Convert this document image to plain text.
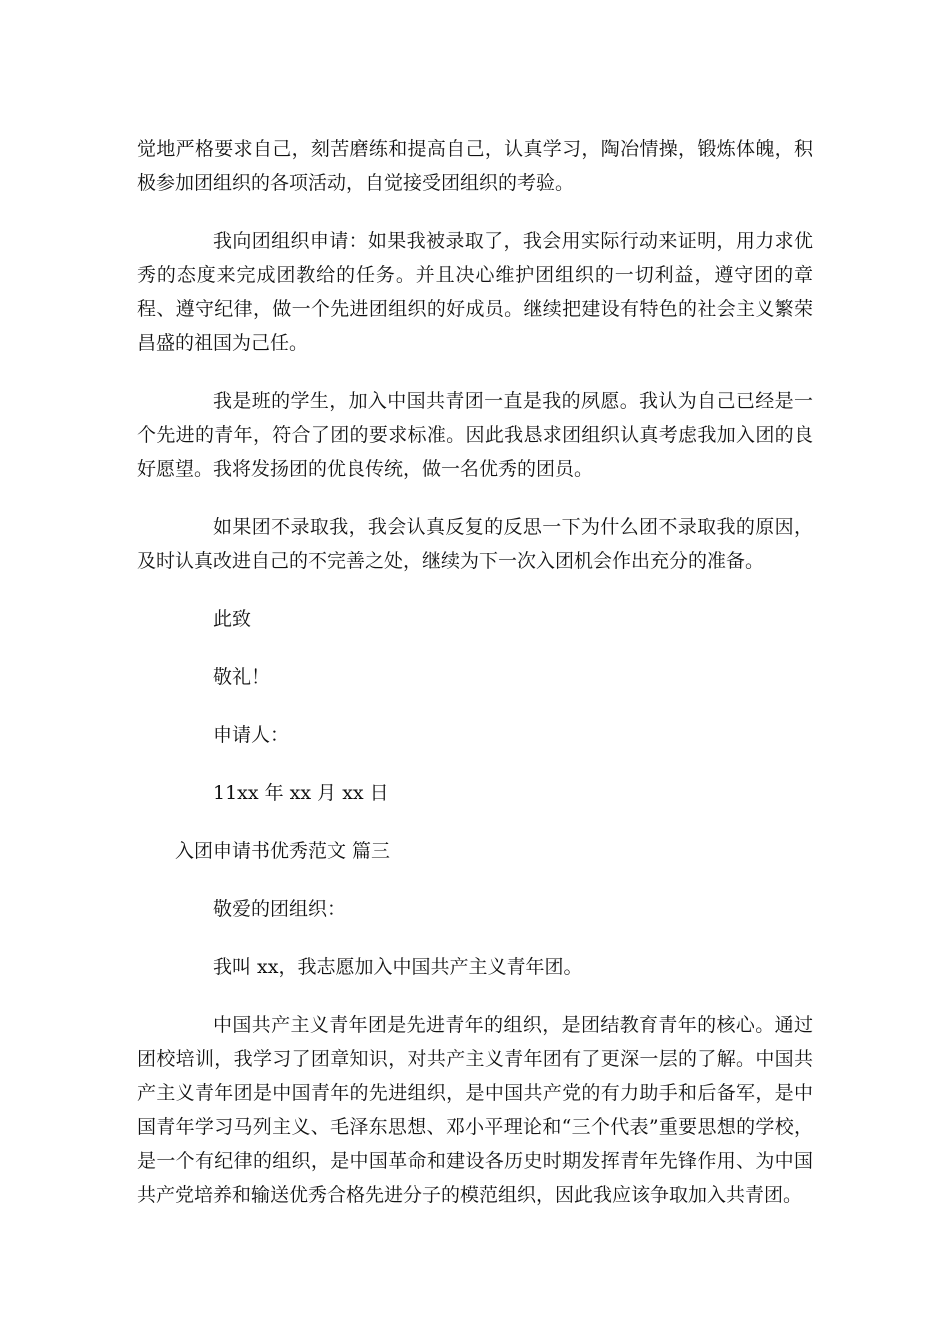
觉地严格要求自己，刻苦磨练和提高自己，认真学习，陶冶情操，锻炼体魄，积极参加团组织的各项活动，自觉接受团组织的考验。

我向团组织申请：如果我被录取了，我会用实际行动来证明，用力求优秀的态度来完成团教给的任务。并且决心维护团组织的一切利益，遵守团的章程、遵守纪律，做一个先进团组织的好成员。继续把建设有特色的社会主义繁荣昌盛的祖国为己任。

我是班的学生，加入中国共青团一直是我的夙愿。我认为自己已经是一个先进的青年，符合了团的要求标准。因此我恳求团组织认真考虑我加入团的良好愿望。我将发扬团的优良传统，做一名优秀的团员。

如果团不录取我，我会认真反复的反思一下为什么团不录取我的原因，及时认真改进自己的不完善之处，继续为下一次入团机会作出充分的准备。

此致

敬礼！

申请人：

11xx 年 xx 月 xx 日

入团申请书优秀范文 篇三

敬爱的团组织：

我叫 xx，我志愿加入中国共产主义青年团。

中国共产主义青年团是先进青年的组织，是团结教育青年的核心。通过团校培训，我学习了团章知识，对共产主义青年团有了更深一层的了解。中国共产主义青年团是中国青年的先进组织，是中国共产党的有力助手和后备军，是中国青年学习马列主义、毛泽东思想、邓小平理论和“三个代表”重要思想的学校，是一个有纪律的组织，是中国革命和建设各历史时期发挥青年先锋作用、为中国共产党培养和输送优秀合格先进分子的模范组织，因此我应该争取加入共青团。
